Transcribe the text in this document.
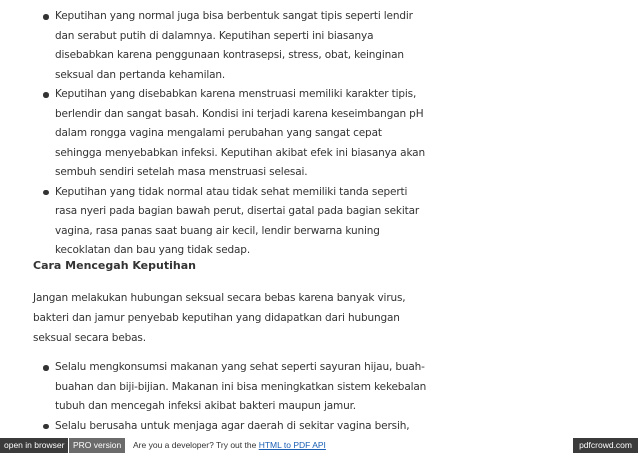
Keputihan yang normal juga bisa berbentuk sangat tipis seperti lendir dan serabut putih di dalamnya. Keputihan seperti ini biasanya disebabkan karena penggunaan kontrasepsi, stress, obat, keinginan seksual dan pertanda kehamilan.
Keputihan yang disebabkan karena menstruasi memiliki karakter tipis, berlendir dan sangat basah. Kondisi ini terjadi karena keseimbangan pH dalam rongga vagina mengalami perubahan yang sangat cepat sehingga menyebabkan infeksi. Keputihan akibat efek ini biasanya akan sembuh sendiri setelah masa menstruasi selesai.
Keputihan yang tidak normal atau tidak sehat memiliki tanda seperti rasa nyeri pada bagian bawah perut, disertai gatal pada bagian sekitar vagina, rasa panas saat buang air kecil, lendir berwarna kuning kecoklatan dan bau yang tidak sedap.
Cara Mencegah Keputihan

Jangan melakukan hubungan seksual secara bebas karena banyak virus, bakteri dan jamur penyebab keputihan yang didapatkan dari hubungan seksual secara bebas.

Selalu mengkonsumsi makanan yang sehat seperti sayuran hijau, buah-buahan dan biji-bijian. Makanan ini bisa meningkatkan sistem kekebalan tubuh dan mencegah infeksi akibat bakteri maupun jamur.
Selalu berusaha untuk menjaga agar daerah di sekitar vagina bersih,
open in browser	PRO version	Are you a developer? Try out the HTML to PDF API	pdfcrowd.com
